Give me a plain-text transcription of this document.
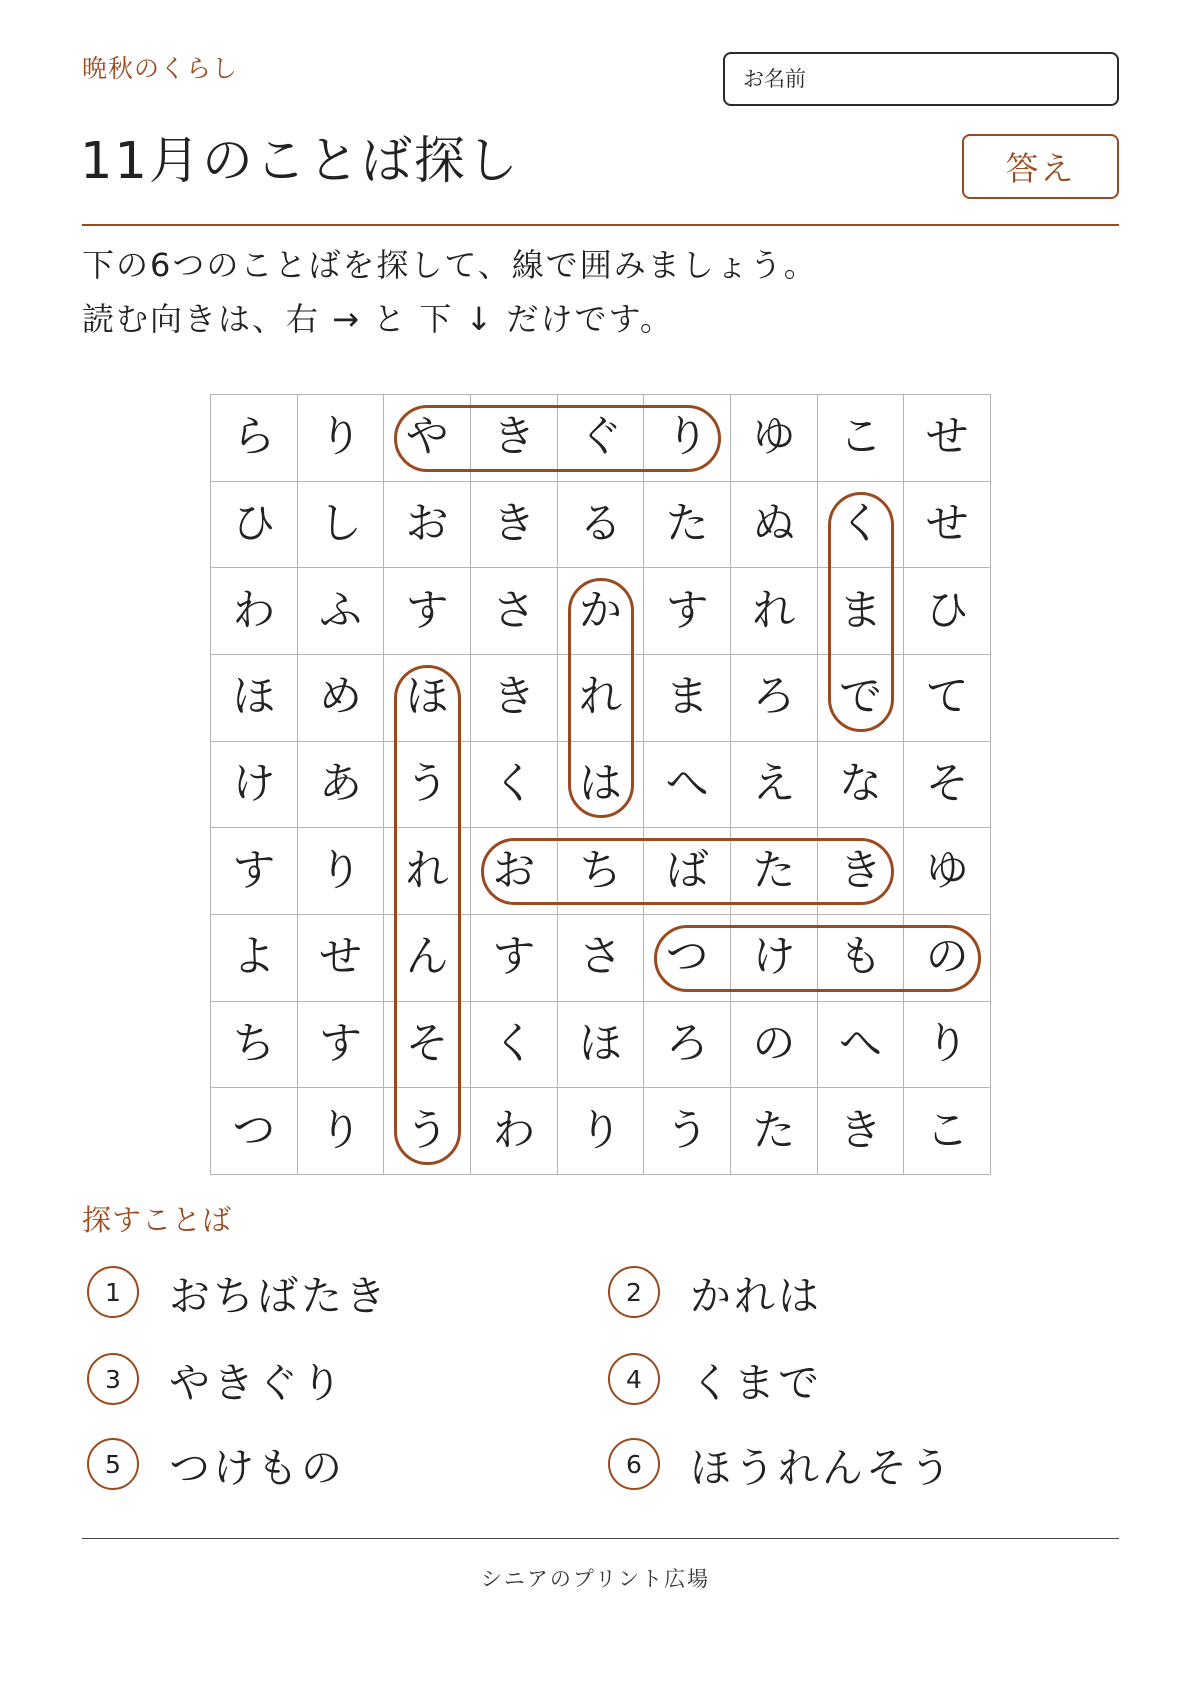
晩秋のくらし
お名前
11月のことば探し	答え
下の6つのことばを探して、線で囲みましょう。
読む向きは、右 → と 下 ↓ だけです。
ら	り	や	き	ぐ	り	ゆ	こ	せ
ひ	し	お	き	る	た	ぬ	く	せ
わ	ふ	す	さ	か	す	れ	ま	ひ
ほ	め	ほ	き	れ	ま	ろ	で	て
け	あ	う	く	は	へ	え	な	そ
す	り	れ	お	ち	ば	た	き	ゆ
よ	せ	ん	す	さ	つ	け	も	の
ち	す	そ	く	ほ	ろ	の	へ	り
つ	り	う	わ	り	う	た	き	こ
探すことば
1	おちばたき	2	かれは
3	やきぐり	4	くまで
5	つけもの	6	ほうれんそう
シニアのプリント広場
